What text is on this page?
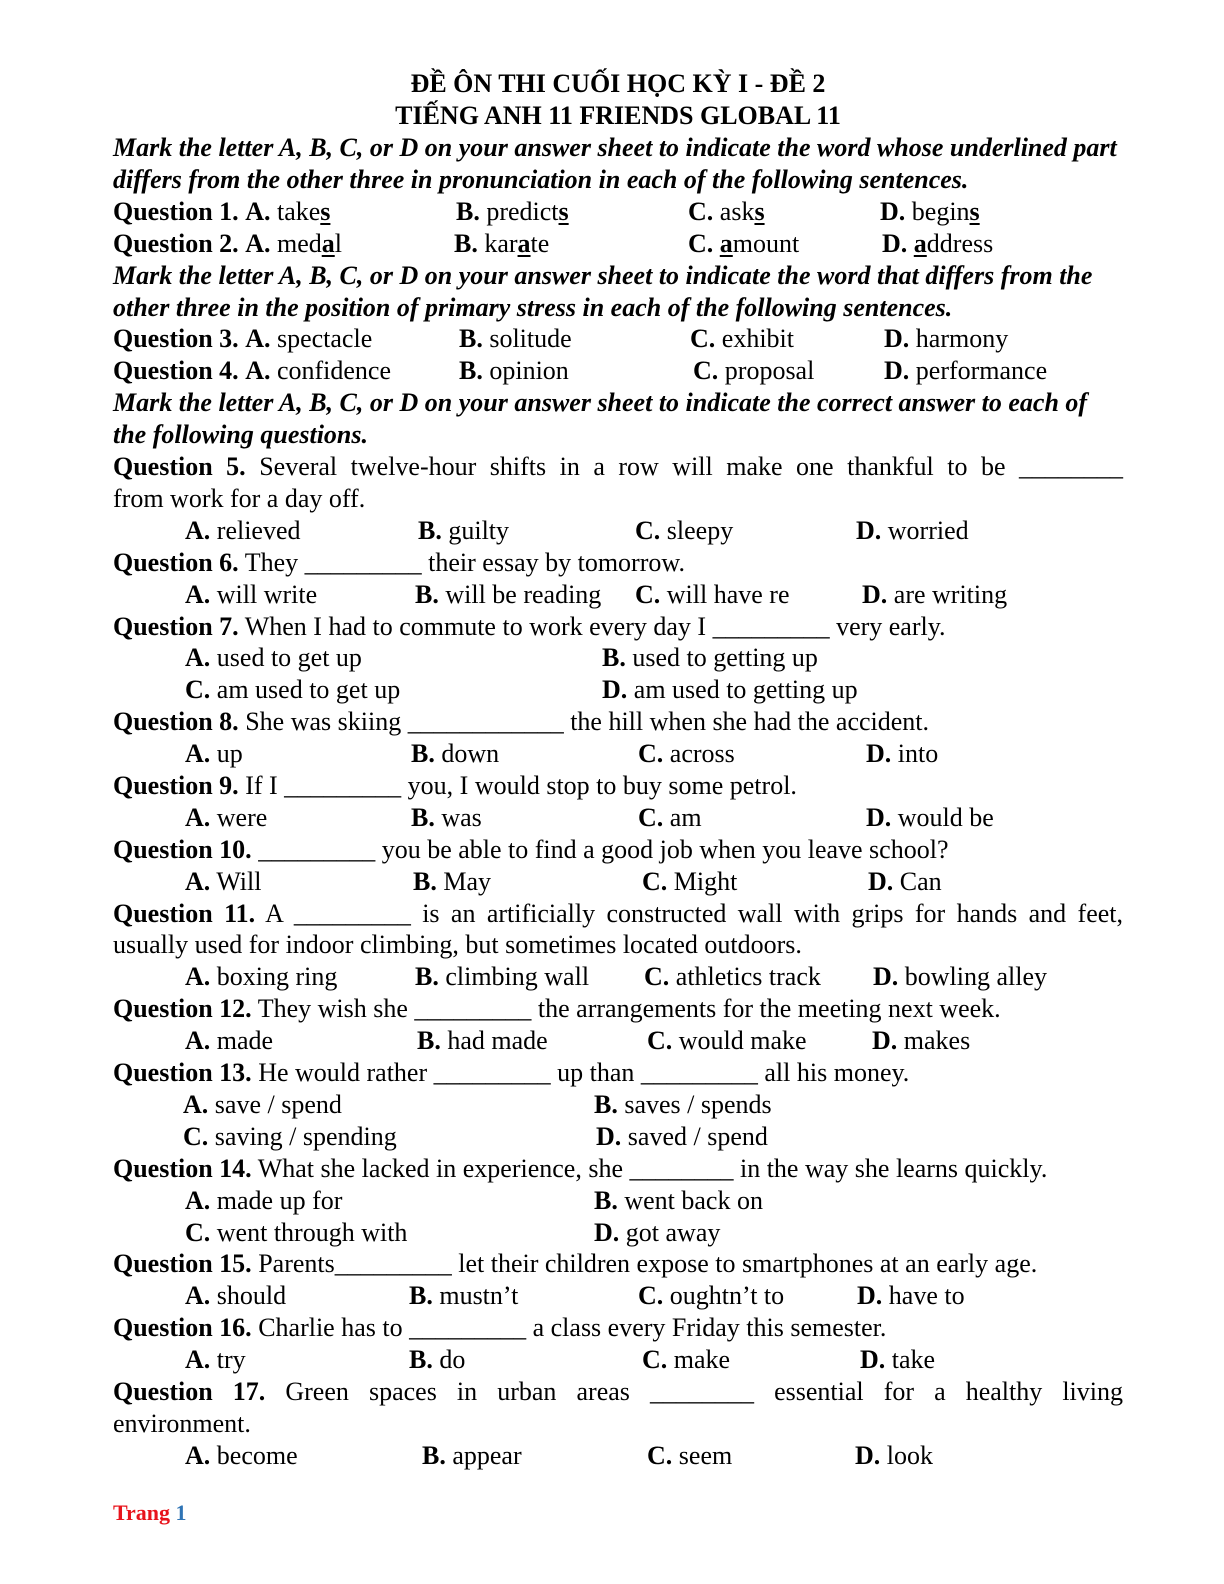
ĐỀ ÔN THI CUỐI HỌC KỲ I - ĐỀ 2
TIẾNG ANH 11 FRIENDS GLOBAL 11
Mark the letter A, B, C, or D on your answer sheet to indicate the word whose underlined part differs from the other three in pronunciation in each of the following sentences.
Question 1. A. takes	B. predicts	C. asks	D. begins
Question 2. A. medal	B. karate	C. amount	D. address
Mark the letter A, B, C, or D on your answer sheet to indicate the word that differs from the other three in the position of primary stress in each of the following sentences.
Question 3. A. spectacle	B. solitude	C. exhibit	D. harmony
Question 4. A. confidence	B. opinion	C. proposal	D. performance
Mark the letter A, B, C, or D on your answer sheet to indicate the correct answer to each of the following questions.
Question 5. Several twelve-hour shifts in a row will make one thankful to be ________
from work for a day off.
A. relieved	B. guilty	C. sleepy	D. worried
Question 6. They _________ their essay by tomorrow.
A. will write	B. will be reading C. will have re	D. are writing
Question 7. When I had to commute to work every day I _________ very early.
A. used to get up	B. used to getting up
C. am used to get up	D. am used to getting up
Question 8. She was skiing ____________ the hill when she had the accident.
A. up	B. down	C. across	D. into
Question 9. If I _________ you, I would stop to buy some petrol.
A. were	B. was	C. am	D. would be
Question 10. _________ you be able to find a good job when you leave school?
A. Will	B. May	C. Might	D. Can
Question 11. A _________ is an artificially constructed wall with grips for hands and feet,
usually used for indoor climbing, but sometimes located outdoors.
A. boxing ring	B. climbing wall C. athletics track D. bowling alley
Question 12. They wish she _________ the arrangements for the meeting next week.
A. made	B. had made	C. would make	D. makes
Question 13. He would rather _________ up than _________ all his money.
A. save / spend	B. saves / spends
C. saving / spending	D. saved / spend
Question 14. What she lacked in experience, she ________ in the way she learns quickly.
A. made up for	B. went back on
C. went through with	D. got away
Question 15. Parents_________ let their children expose to smartphones at an early age.
A. should	B. mustn’t	C. oughtn’t to	D. have to
Question 16. Charlie has to _________ a class every Friday this semester.
A. try	B. do	C. make	D. take
Question 17. Green spaces in urban areas ________ essential for a healthy living
environment.
A. become	B. appear	C. seem	D. look
Trang 1
